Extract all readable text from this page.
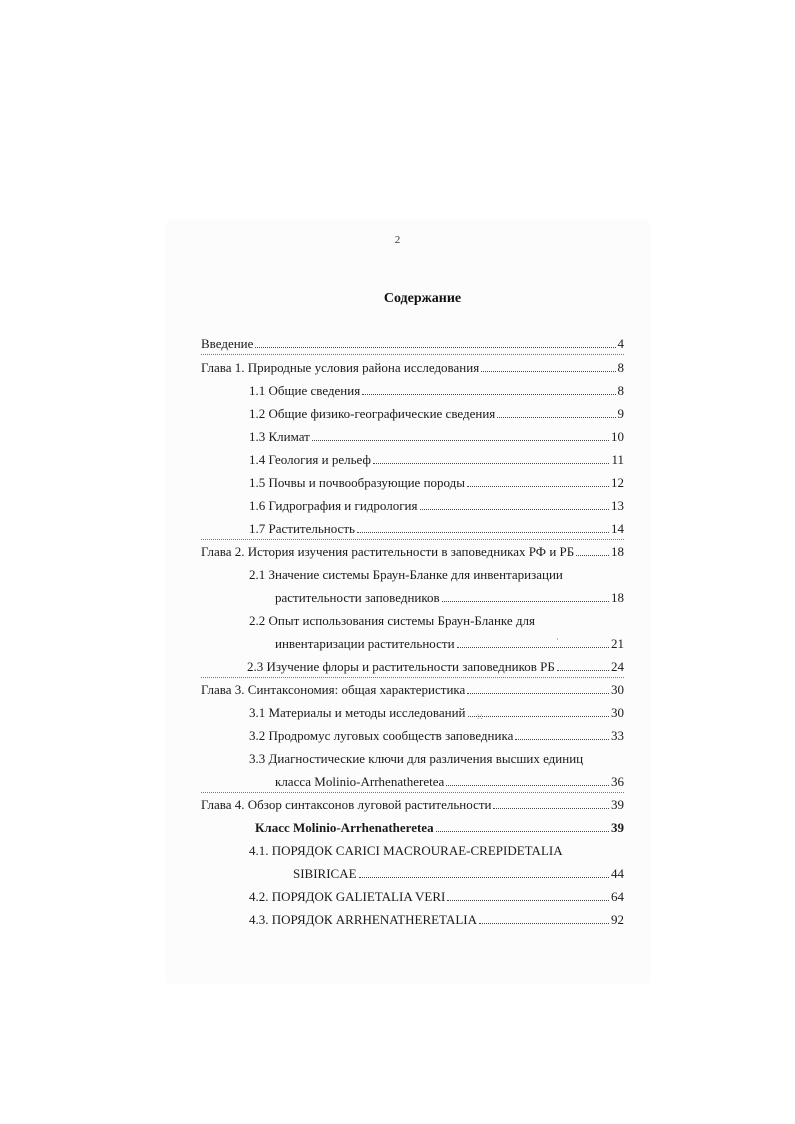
2
Содержание
Введение	4
Глава 1. Природные условия района исследования	8
1.1 Общие сведения	8
1.2 Общие физико-географические сведения	9
1.3 Климат	10
1.4 Геология и рельеф	11
1.5 Почвы и почвообразующие породы	12
1.6 Гидрография и гидрология	13
1.7 Растительность	14
Глава 2. История изучения растительности в заповедниках РФ и РБ	18
2.1 Значение системы Браун-Бланке для инвентаризации
растительности заповедников	18
2.2 Опыт использования системы Браун-Бланке для
инвентаризации растительности	21
2.3 Изучение флоры и растительности заповедников РБ	24
Глава 3. Синтаксономия: общая характеристика	30
3.1 Материалы и методы исследований	30
3.2 Продромус луговых сообществ заповедника	33
3.3 Диагностические ключи для различения высших единиц
класса Molinio-Arrhenatheretea	36
Глава 4. Обзор синтаксонов луговой растительности	39
Класс Molinio-Arrhenatheretea	39
4.1. ПОРЯДОК CARICI MACROURAE-CREPIDETALIA
SIBIRICAE	44
4.2. ПОРЯДОК GALIETALIA VERI	64
4.3. ПОРЯДОК ARRHENATHERETALIA	92
⁙
·
